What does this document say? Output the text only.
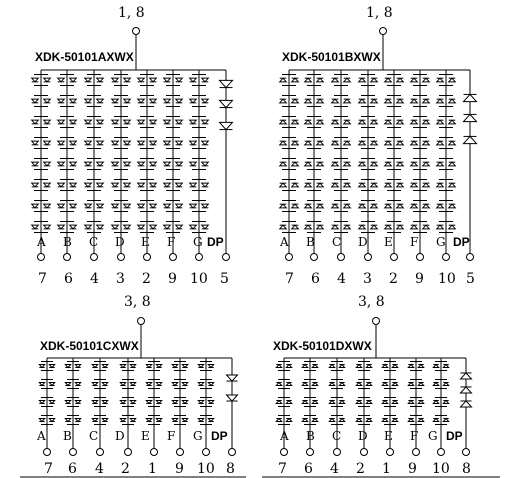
1, 8
XDK-50101AXWX
A B C D E F G DP
7 6 4 3 2 9 10 5
1, 8
XDK-50101BXWX
A B C D E F G DP
7 6 4 3 2 9 10 5
3, 8
XDK-50101CXWX
A B C D E F G DP
7 6 4 2 1 9 10 8
3, 8
XDK-50101DXWX
A B C D E F G DP
7 6 4 2 1 9 10 8
